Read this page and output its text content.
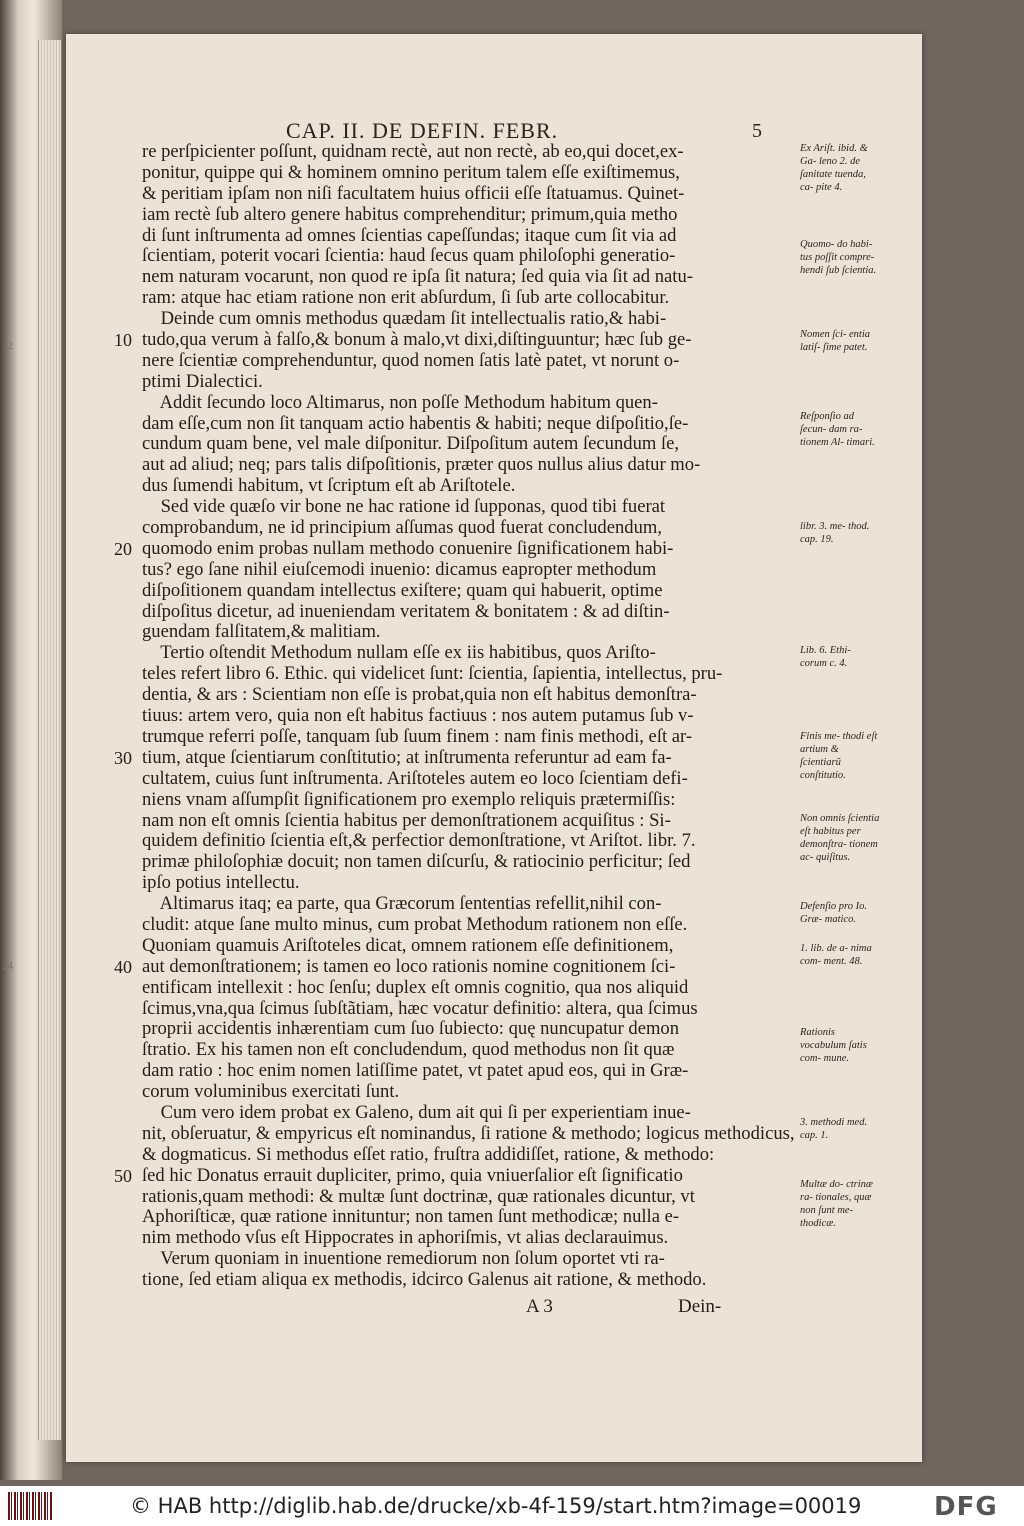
32
24
CAP. II. DE DEFIN. FEBR.	5
re perſpicienter poſſunt, quidnam rectè, aut non rectè, ab eo,qui docet,ex-
ponitur, quippe qui & hominem omnino peritum talem eſſe exiſtimemus,
& peritiam ipſam non niſi facultatem huius officii eſſe ſtatuamus. Quinet-
iam rectè ſub altero genere habitus comprehenditur; primum,quia metho
di ſunt inſtrumenta ad omnes ſcientias capeſſundas; itaque cum ſit via ad
ſcientiam, poterit vocari ſcientia: haud ſecus quam philoſophi generatio-
nem naturam vocarunt, non quod re ipſa ſit natura; ſed quia via ſit ad natu-
ram: atque hac etiam ratione non erit abſurdum, ſi ſub arte collocabitur.
Deinde cum omnis methodus quædam ſit intellectualis ratio,& habi-
10 tudo,qua verum à falſo,& bonum à malo,vt dixi,diſtinguuntur; hæc ſub ge-
nere ſcientiæ comprehenduntur, quod nomen ſatis latè patet, vt norunt o-
ptimi Dialectici.
Addit ſecundo loco Altimarus, non poſſe Methodum habitum quen-
dam eſſe,cum non ſit tanquam actio habentis & habiti; neque diſpoſitio,ſe-
cundum quam bene, vel male diſponitur. Diſpoſitum autem ſecundum ſe,
aut ad aliud; neq; pars talis diſpoſitionis, præter quos nullus alius datur mo-
dus ſumendi habitum, vt ſcriptum eſt ab Ariſtotele.
Sed vide quæſo vir bone ne hac ratione id ſupponas, quod tibi fuerat
comprobandum, ne id principium aſſumas quod fuerat concludendum,
20 quomodo enim probas nullam methodo conuenire ſignificationem habi-
tus? ego ſane nihil eiuſcemodi inuenio: dicamus eapropter methodum
diſpoſitionem quandam intellectus exiſtere; quam qui habuerit, optime
diſpoſitus dicetur, ad inueniendam veritatem & bonitatem : & ad diſtin-
guendam falſitatem,& malitiam.
Tertio oſtendit Methodum nullam eſſe ex iis habitibus, quos Ariſto-
teles refert libro 6. Ethic. qui videlicet ſunt: ſcientia, ſapientia, intellectus, pru-
dentia, & ars : Scientiam non eſſe is probat,quia non eſt habitus demonſtra-
tiuus: artem vero, quia non eſt habitus factiuus : nos autem putamus ſub v-
trumque referri poſſe, tanquam ſub ſuum finem : nam finis methodi, eſt ar-
30 tium, atque ſcientiarum conſtitutio; at inſtrumenta referuntur ad eam fa-
cultatem, cuius ſunt inſtrumenta. Ariſtoteles autem eo loco ſcientiam defi-
niens vnam aſſumpſit ſignificationem pro exemplo reliquis prætermiſſis:
nam non eſt omnis ſcientia habitus per demonſtrationem acquiſitus : Si-
quidem definitio ſcientia eſt,& perfectior demonſtratione, vt Ariſtot. libr. 7.
primæ philoſophiæ docuit; non tamen diſcurſu, & ratiocinio perficitur; ſed
ipſo potius intellectu.
Altimarus itaq; ea parte, qua Græcorum ſententias refellit,nihil con-
cludit: atque ſane multo minus, cum probat Methodum rationem non eſſe.
Quoniam quamuis Ariſtoteles dicat, omnem rationem eſſe definitionem,
40 aut demonſtrationem; is tamen eo loco rationis nomine cognitionem ſci-
entificam intellexit : hoc ſenſu; duplex eſt omnis cognitio, qua nos aliquid
ſcimus,vna,qua ſcimus ſubſtãtiam, hæc vocatur definitio: altera, qua ſcimus
proprii accidentis inhærentiam cum ſuo ſubiecto: quę nuncupatur demon
ſtratio. Ex his tamen non eſt concludendum, quod methodus non ſit quæ
dam ratio : hoc enim nomen latiſſime patet, vt patet apud eos, qui in Græ-
corum voluminibus exercitati ſunt.
Cum vero idem probat ex Galeno, dum ait qui ſi per experientiam inue-
nit, obſeruatur, & empyricus eſt nominandus, ſi ratione & methodo; logicus methodicus,
& dogmaticus. Si methodus eſſet ratio, fruſtra addidiſſet, ratione, & methodo:
50 ſed hic Donatus errauit dupliciter, primo, quia vniuerſalior eſt ſignificatio
rationis,quam methodi: & multæ ſunt doctrinæ, quæ rationales dicuntur, vt
Aphoriſticæ, quæ ratione innituntur; non tamen ſunt methodicæ; nulla e-
nim methodo vſus eſt Hippocrates in aphoriſmis, vt alias declarauimus.
Verum quoniam in inuentione remediorum non ſolum oportet vti ra-
tione, ſed etiam aliqua ex methodis, idcirco Galenus ait ratione, & methodo.
Ex Ariſt. ibid. & Ga- leno 2. de ſanitate tuenda, ca- pite 4.
Quomo- do habi- tus poſſit compre- hendi ſub ſcientia.
Nomen ſci- entia latiſ- ſime patet.
Reſponſio ad ſecun- dam ra- tionem Al- timari.
libr. 3. me- thod. cap. 19.
Lib. 6. Ethi- corum c. 4.
Finis me- thodi eſt artium & ſcientiarũ conſtitutio.
Non omnis ſcientia eſt habitus per demonſtra- tionem ac- quiſitus.
Defenſio pro Io. Græ- matico.
1. lib. de a- nima com- ment. 48.
Rationis vocabulum ſatis com- mune.
3. methodi med. cap. 1.
Multæ do- ctrinæ ra- tionales, quæ non ſunt me- thodicæ.
A 3	Dein-
© HAB http://diglib.hab.de/drucke/xb-4f-159/start.htm?image=00019	DFG
